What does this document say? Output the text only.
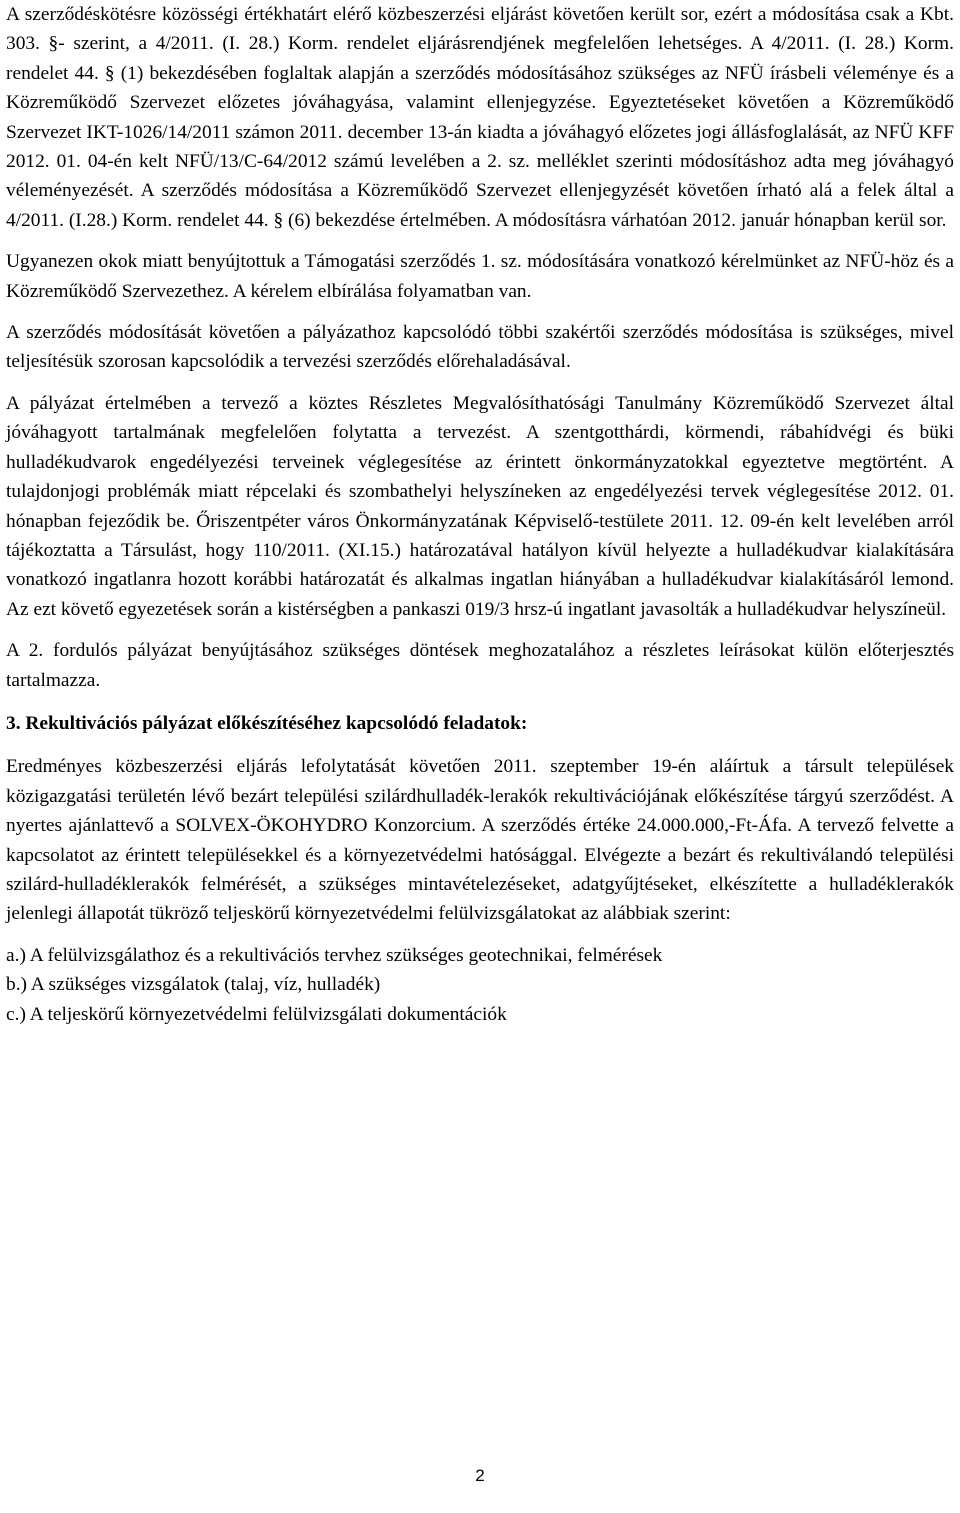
A szerződéskötésre közösségi értékhatárt elérő közbeszerzési eljárást követően került sor, ezért a módosítása csak a Kbt. 303. §- szerint, a 4/2011. (I. 28.) Korm. rendelet eljárásrendjének megfelelően lehetséges. A 4/2011. (I. 28.) Korm. rendelet 44. § (1) bekezdésében foglaltak alapján a szerződés módosításához szükséges az NFÜ írásbeli véleménye és a Közreműködő Szervezet előzetes jóváhagyása, valamint ellenjegyzése. Egyeztetéseket követően a Közreműködő Szervezet IKT-1026/14/2011 számon 2011. december 13-án kiadta a jóváhagyó előzetes jogi állásfoglalását, az NFÜ KFF 2012. 01. 04-én kelt NFÜ/13/C-64/2012 számú levelében a 2. sz. melléklet szerinti módosításhoz adta meg jóváhagyó véleményezését. A szerződés módosítása a Közreműködő Szervezet ellenjegyzését követően írható alá a felek által a 4/2011. (I.28.) Korm. rendelet 44. § (6) bekezdése értelmében. A módosításra várhatóan 2012. január hónapban kerül sor.

Ugyanezen okok miatt benyújtottuk a Támogatási szerződés 1. sz. módosítására vonatkozó kérelmünket az NFÜ-höz és a Közreműködő Szervezethez. A kérelem elbírálása folyamatban van.

A szerződés módosítását követően a pályázathoz kapcsolódó többi szakértői szerződés módosítása is szükséges, mivel teljesítésük szorosan kapcsolódik a tervezési szerződés előrehaladásával.

A pályázat értelmében a tervező a köztes Részletes Megvalósíthatósági Tanulmány Közreműködő Szervezet által jóváhagyott tartalmának megfelelően folytatta a tervezést. A szentgotthárdi, körmendi, rábahídvégi és büki hulladékudvarok engedélyezési terveinek véglegesítése az érintett önkormányzatokkal egyeztetve megtörtént. A tulajdonjogi problémák miatt répcelaki és szombathelyi helyszíneken az engedélyezési tervek véglegesítése 2012. 01. hónapban fejeződik be. Őriszentpéter város Önkormányzatának Képviselő-testülete 2011. 12. 09-én kelt levelében arról tájékoztatta a Társulást, hogy 110/2011. (XI.15.) határozatával hatályon kívül helyezte a hulladékudvar kialakítására vonatkozó ingatlanra hozott korábbi határozatát és alkalmas ingatlan hiányában a hulladékudvar kialakításáról lemond. Az ezt követő egyezetések során a kistérségben a pankaszi 019/3 hrsz-ú ingatlant javasolták a hulladékudvar helyszíneül.

A 2. fordulós pályázat benyújtásához szükséges döntések meghozatalához a részletes leírásokat külön előterjesztés tartalmazza.

3. Rekultivációs pályázat előkészítéséhez kapcsolódó feladatok:

Eredményes közbeszerzési eljárás lefolytatását követően 2011. szeptember 19-én aláírtuk a társult települések közigazgatási területén lévő bezárt települési szilárdhulladék-lerakók rekultivációjának előkészítése tárgyú szerződést. A nyertes ajánlattevő a SOLVEX-ÖKOHYDRO Konzorcium. A szerződés értéke 24.000.000,-Ft-Áfa. A tervező felvette a kapcsolatot az érintett településekkel és a környezetvédelmi hatósággal. Elvégezte a bezárt és rekultiválandó települési szilárd-hulladéklerakók felmérését, a szükséges mintavételezéseket, adatgyűjtéseket, elkészítette a hulladéklerakók jelenlegi állapotát tükröző teljeskörű környezetvédelmi felülvizsgálatokat az alábbiak szerint:

a.) A felülvizsgálathoz és a rekultivációs tervhez szükséges geotechnikai, felmérések

b.) A szükséges vizsgálatok (talaj, víz, hulladék)

c.) A teljeskörű környezetvédelmi felülvizsgálati dokumentációk

2
